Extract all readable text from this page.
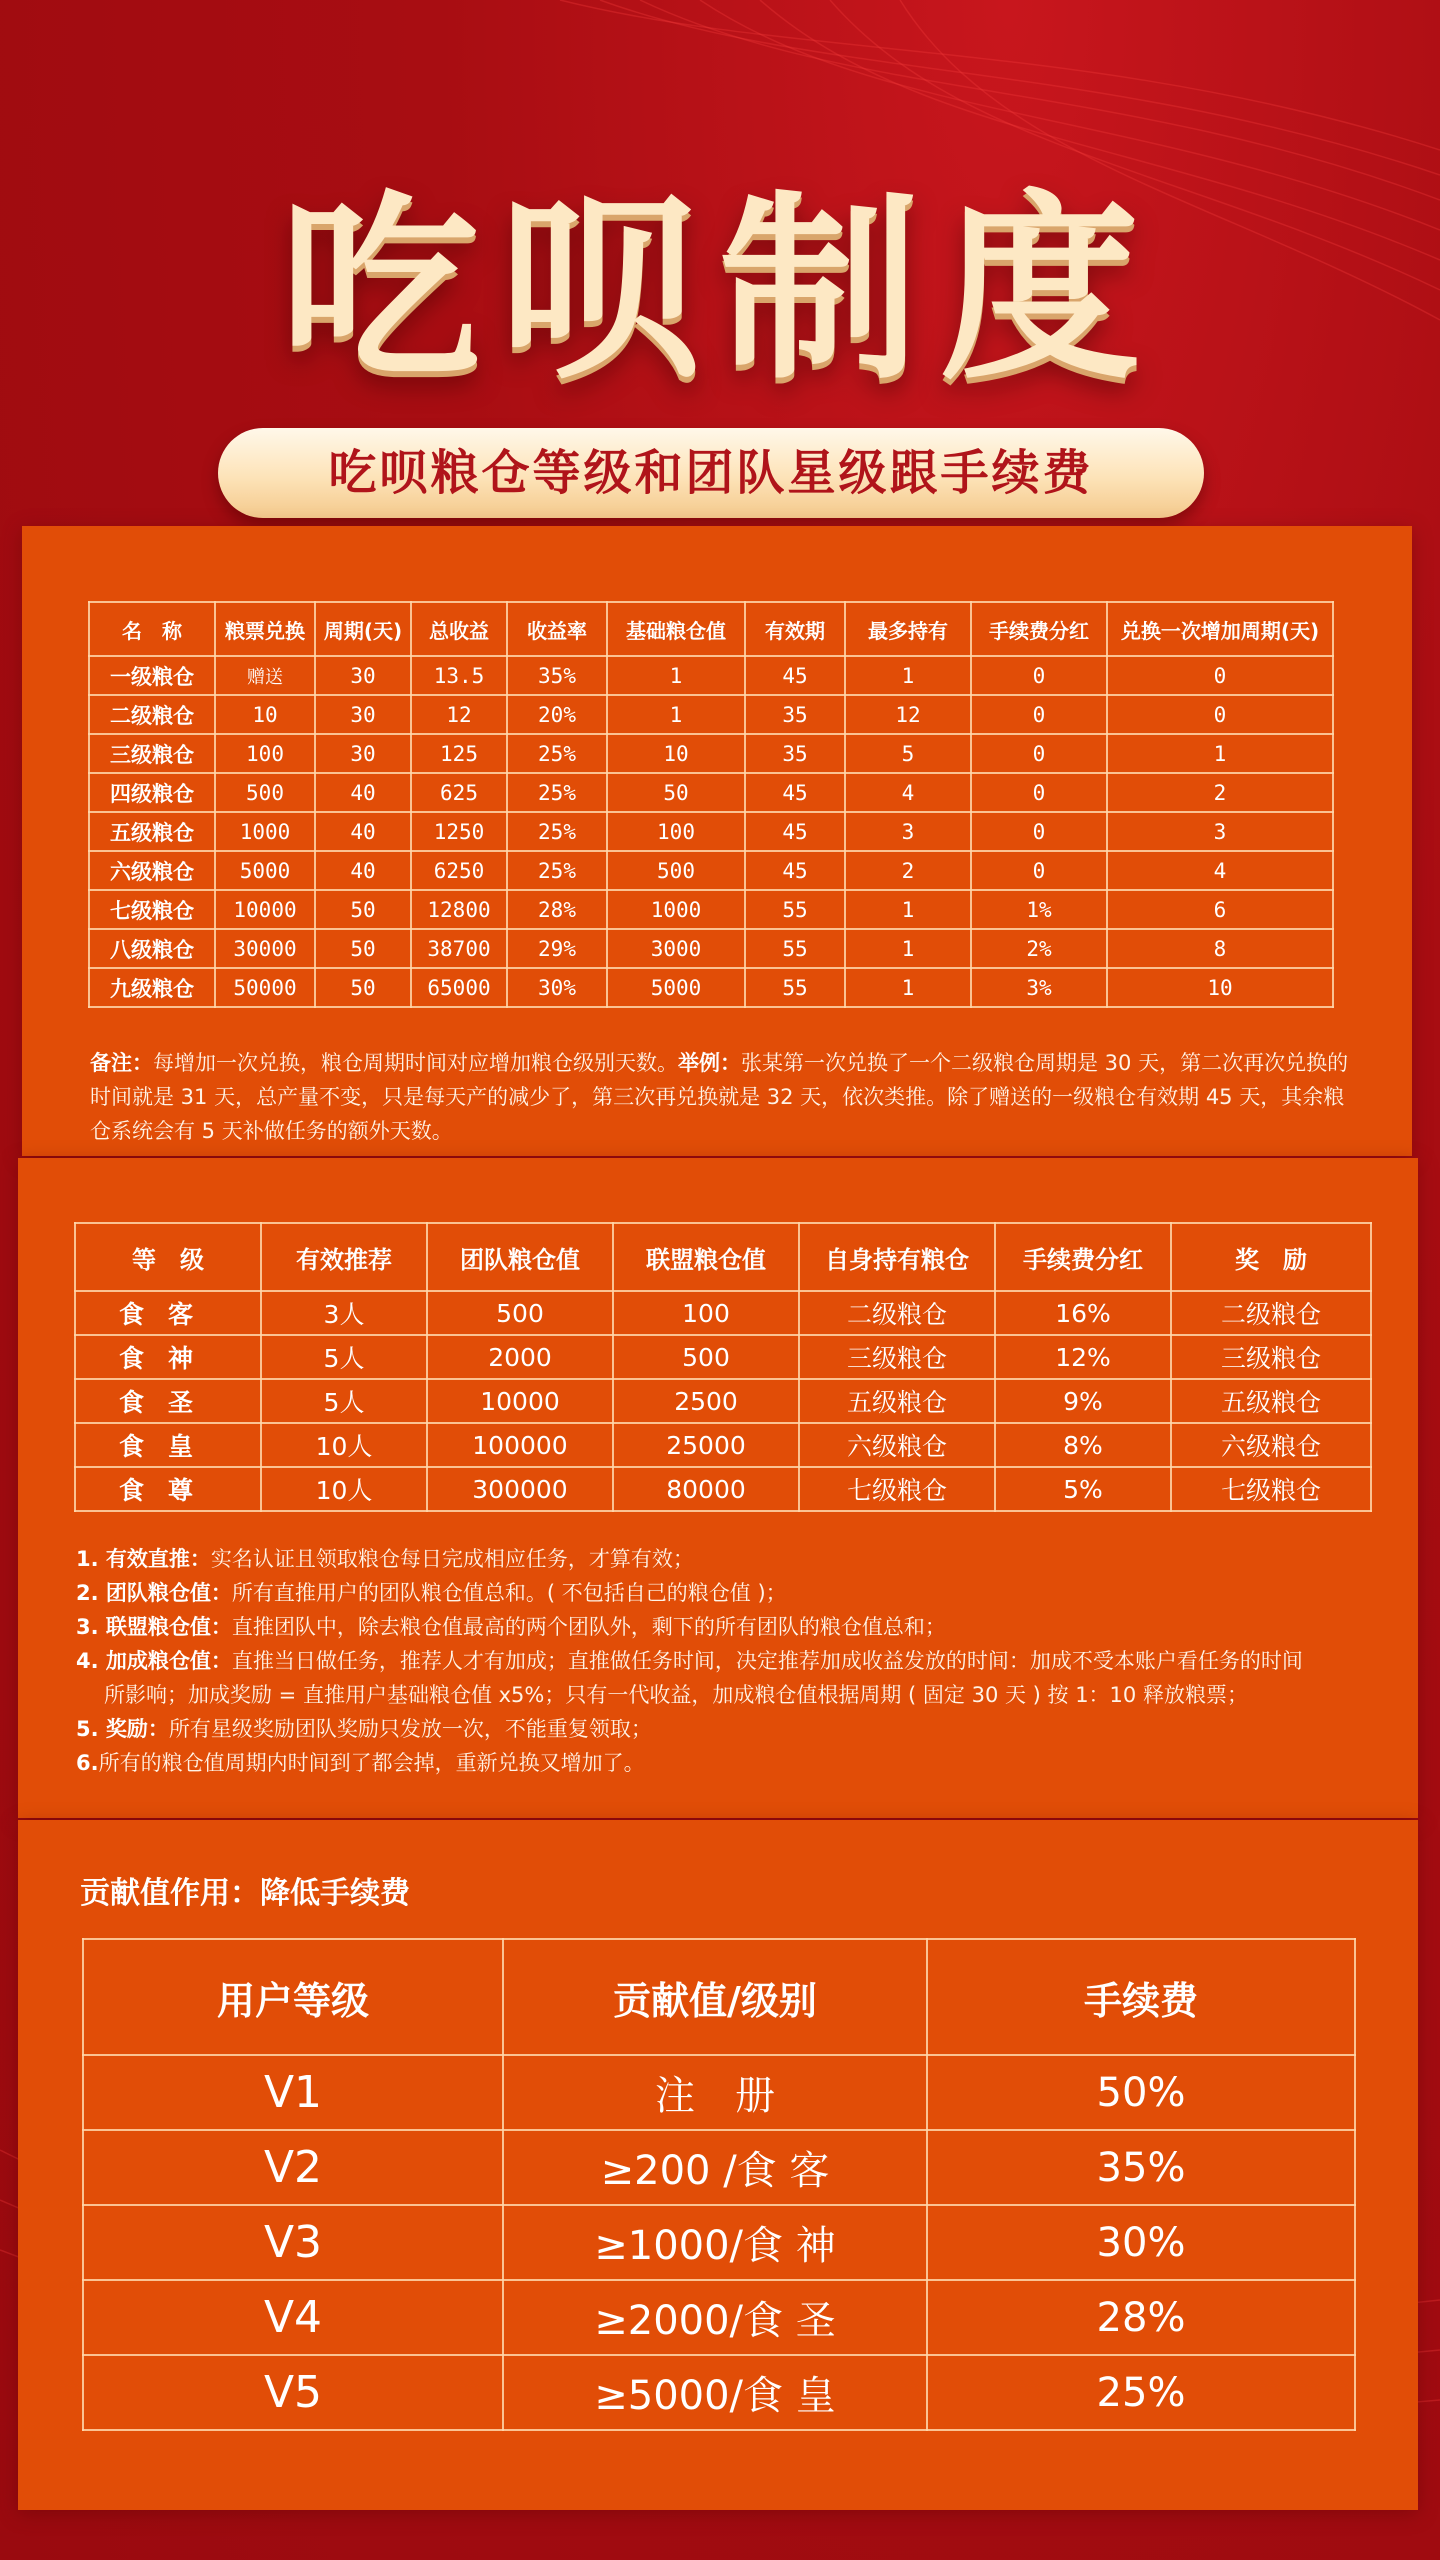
吃呗制度
吃呗粮仓等级和团队星级跟手续费
名　称	粮票兑换	周期(天)	总收益	收益率	基础粮仓值	有效期	最多持有	手续费分红	兑换一次增加周期(天)
一级粮仓	赠送	30	13.5	35%	1	45	1	0	0
二级粮仓	10	30	12	20%	1	35	12	0	0
三级粮仓	100	30	125	25%	10	35	5	0	1
四级粮仓	500	40	625	25%	50	45	4	0	2
五级粮仓	1000	40	1250	25%	100	45	3	0	3
六级粮仓	5000	40	6250	25%	500	45	2	0	4
七级粮仓	10000	50	12800	28%	1000	55	1	1%	6
八级粮仓	30000	50	38700	29%	3000	55	1	2%	8
九级粮仓	50000	50	65000	30%	5000	55	1	3%	10
备注：每增加一次兑换，粮仓周期时间对应增加粮仓级别天数。举例：张某第一次兑换了一个二级粮仓周期是 30 天，第二次再次兑换的时间就是 31 天，总产量不变，只是每天产的减少了，第三次再兑换就是 32 天，依次类推。除了赠送的一级粮仓有效期 45 天，其余粮仓系统会有 5 天补做任务的额外天数。
等　级	有效推荐	团队粮仓值	联盟粮仓值	自身持有粮仓	手续费分红	奖　励
食客	3人	500	100	二级粮仓	16%	二级粮仓
食神	5人	2000	500	三级粮仓	12%	三级粮仓
食圣	5人	10000	2500	五级粮仓	9%	五级粮仓
食皇	10人	100000	25000	六级粮仓	8%	六级粮仓
食尊	10人	300000	80000	七级粮仓	5%	七级粮仓
1. 有效直推：实名认证且领取粮仓每日完成相应任务，才算有效；
2. 团队粮仓值：所有直推用户的团队粮仓值总和。( 不包括自己的粮仓值 )；
3. 联盟粮仓值：直推团队中，除去粮仓值最高的两个团队外，剩下的所有团队的粮仓值总和；
4. 加成粮仓值：直推当日做任务，推荐人才有加成；直推做任务时间，决定推荐加成收益发放的时间：加成不受本账户看任务的时间
所影响；加成奖励 = 直推用户基础粮仓值 x5%；只有一代收益，加成粮仓值根据周期 ( 固定 30 天 ) 按 1：10 释放粮票；
5. 奖励：所有星级奖励团队奖励只发放一次，不能重复领取；
6.所有的粮仓值周期内时间到了都会掉，重新兑换又增加了。
贡献值作用：降低手续费
用户等级	贡献值/级别	手续费
V1	注　册	50%
V2	≥200 /食 客	35%
V3	≥1000/食 神	30%
V4	≥2000/食 圣	28%
V5	≥5000/食 皇	25%
